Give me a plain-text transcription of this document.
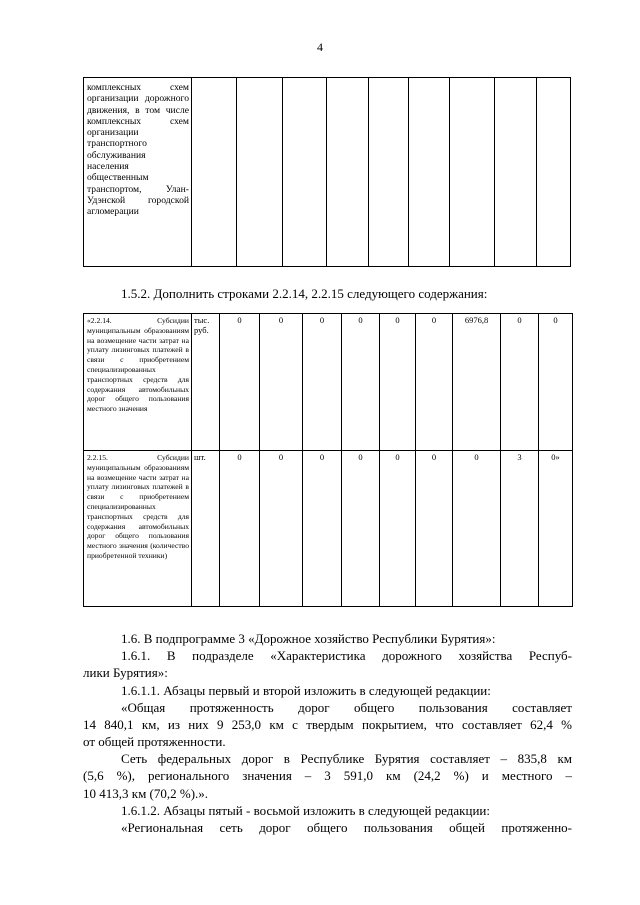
4
комплексных схем организации дорожного движения, в том числе комплексных схем организации транспортного обслуживания населения общественным транспортом, Улан-Удэнской городской агломерации									
1.5.2. Дополнить строками 2.2.14, 2.2.15 следующего содержания:
«2.2.14. Субсидии муниципальным образованиям на возмещение части затрат на уплату лизинговых платежей в связи с приобретением специализированных транспортных средств для содержания автомобильных дорог общего пользования местного значения	тыс. руб.	0	0	0	0	0	0	6976,8	0	0
2.2.15. Субсидии муниципальным образованиям на возмещение части затрат на уплату лизинговых платежей в связи с приобретением специализированных транспортных средств для содержания автомобильных дорог общего пользования местного значения (количество приобретенной техники)	шт.	0	0	0	0	0	0	0	3	0»
1.6. В подпрограмме 3 «Дорожное хозяйство Республики Бурятия»:
1.6.1. В подразделе «Характеристика дорожного хозяйства Респуб-
лики Бурятия»:
1.6.1.1. Абзацы первый и второй изложить в следующей редакции:
«Общая протяженность дорог общего пользования составляет
14 840,1 км, из них 9 253,0 км с твердым покрытием, что составляет 62,4 %
от общей протяженности.
Сеть федеральных дорог в Республике Бурятия составляет – 835,8 км
(5,6 %), регионального значения – 3 591,0 км (24,2 %) и местного –
10 413,3 км (70,2 %).».
1.6.1.2. Абзацы пятый - восьмой изложить в следующей редакции:
«Региональная сеть дорог общего пользования общей протяженно-
